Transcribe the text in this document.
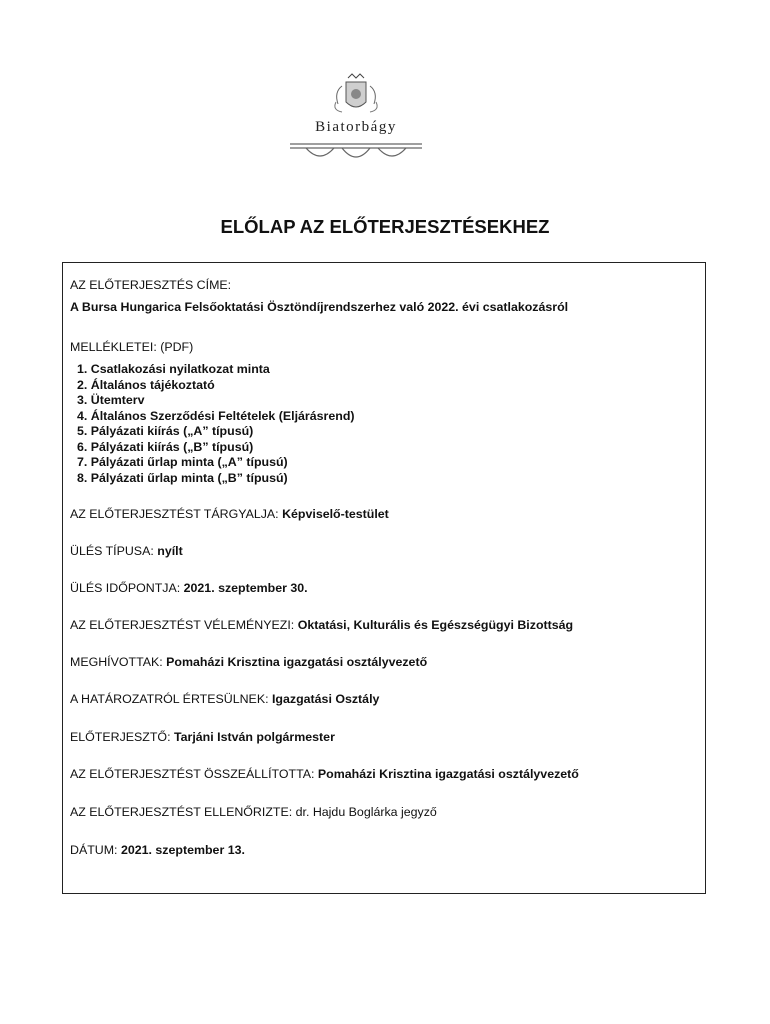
Biatorbágy
ELŐLAP AZ ELŐTERJESZTÉSEKHEZ
AZ ELŐTERJESZTÉS CÍME:
A Bursa Hungarica Felsőoktatási Ösztöndíjrendszerhez való 2022. évi csatlakozásról
MELLÉKLETEI: (PDF)
1. Csatlakozási nyilatkozat minta
2. Általános tájékoztató
3. Ütemterv
4. Általános Szerződési Feltételek (Eljárásrend)
5. Pályázati kiírás („A” típusú)
6. Pályázati kiírás („B” típusú)
7. Pályázati űrlap minta („A” típusú)
8. Pályázati űrlap minta („B” típusú)
AZ ELŐTERJESZTÉST TÁRGYALJA: Képviselő-testület
ÜLÉS TÍPUSA: nyílt
ÜLÉS IDŐPONTJA: 2021. szeptember 30.
AZ ELŐTERJESZTÉST VÉLEMÉNYEZI: Oktatási, Kulturális és Egészségügyi Bizottság
MEGHÍVOTTAK: Pomaházi Krisztina igazgatási osztályvezető
A HATÁROZATRÓL ÉRTESÜLNEK: Igazgatási Osztály
ELŐTERJESZTŐ: Tarjáni István polgármester
AZ ELŐTERJESZTÉST ÖSSZEÁLLÍTOTTA: Pomaházi Krisztina igazgatási osztályvezető
AZ ELŐTERJESZTÉST ELLENŐRIZTE: dr. Hajdu Boglárka jegyző
DÁTUM: 2021. szeptember 13.
